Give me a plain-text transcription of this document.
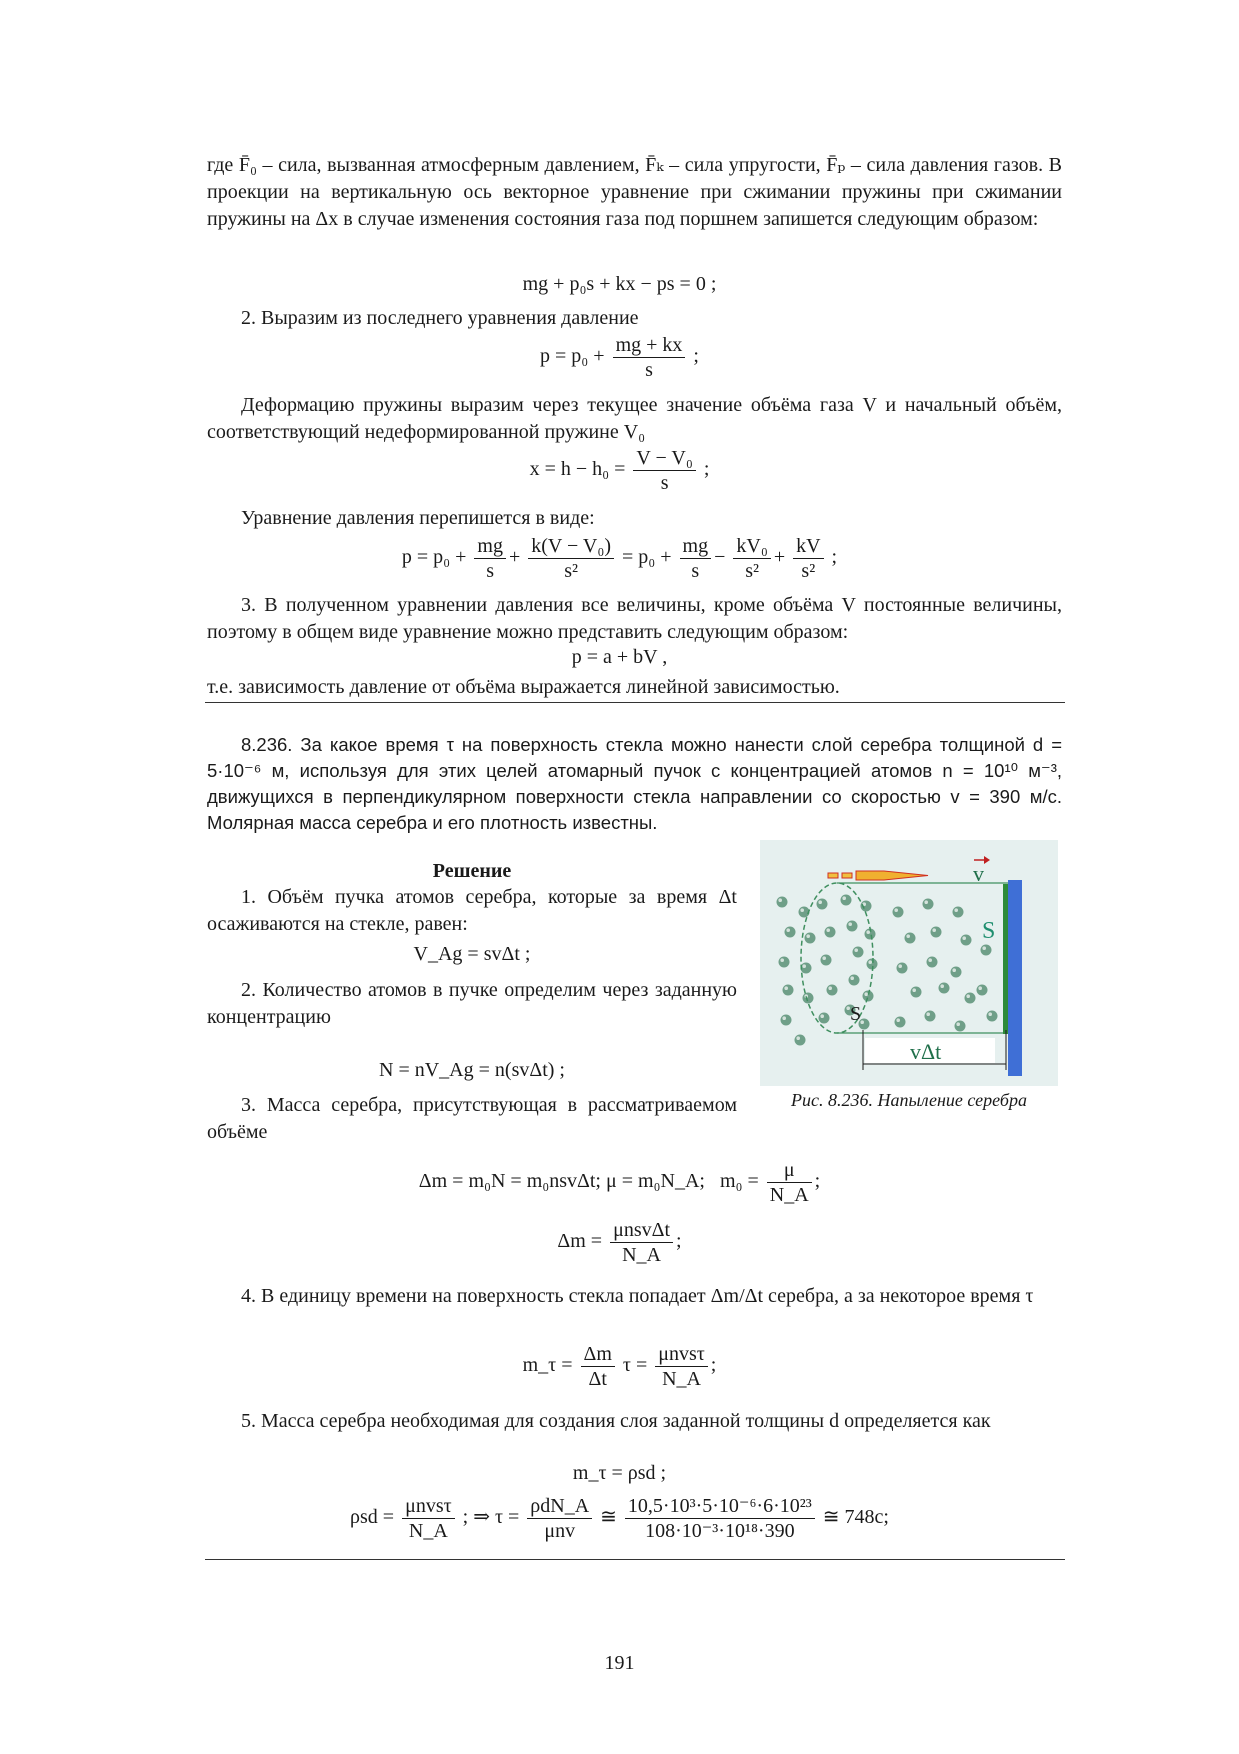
где F̄₀ – сила, вызванная атмосферным давлением, F̄ₖ – сила упругости, F̄ₚ – сила давления газов. В проекции на вертикальную ось векторное уравнение при сжимании пружины при сжимании пружины на Δx в случае изменения состояния газа под поршнем запишется следующим образом:
mg + p₀s + kx − ps = 0 ;
2. Выразим из последнего уравнения давление
$p = p_0 + \frac{mg + kx}{s}$ ;
Деформацию пружины выразим через текущее значение объёма газа V и начальный объём, соответствующий недеформированной пружине V₀
$x = h - h_0 = \frac{\text{V − V₀}}{s}$ ;
Уравнение давления перепишется в виде:
$p = p_0 + \frac{mg}{s} + \frac{\text{k(V − V₀)}}{\text{s²}} = p_0 + \frac{mg}{s} - \frac{\text{kV₀}}{\text{s²}} + \frac{kV}{\text{s²}}$ ;
3. В полученном уравнении давления все величины, кроме объёма V постоянные величины, поэтому в общем виде уравнение можно представить следующим образом:
p = a + bV ,
т.е. зависимость давление от объёма выражается линейной зависимостью.
8.236. За какое время τ на поверхность стекла можно нанести слой серебра толщиной d = 5·10⁻⁶ м, используя для этих целей атомарный пучок с концентрацией атомов n = 10¹⁰ м⁻³, движущихся в перпендикулярном поверхности стекла направлении со скоростью v = 390 м/с. Молярная масса серебра и его плотность известны.
Решение
1. Объём пучка атомов серебра, которые за время Δt осаживаются на стекле, равен:
V_Ag = svΔt ;
2. Количество атомов в пучке определим через заданную концентрацию
N = nV_Ag = n(svΔt) ;
3. Масса серебра, присутствующая в рассматриваемом объёме
v
S
S
vΔt
Рис. 8.236. Напыление серебра
Δm = m₀N = m₀nsvΔt; μ = m₀N_A; $m_0 = \frac{\mu}{N\_A}$ ;
$\Delta m = \frac{\text{μnsvΔt}}{N\_A}$ ;
4. В единицу времени на поверхность стекла попадает Δm/Δt серебра, а за некоторое время τ
m_τ = $\frac{\Delta m}{\Delta t}$ $\tau = \frac{\text{μnvsτ}}{N\_A}$ ;
5. Масса серебра необходимая для создания слоя заданной толщины d определяется как
m_τ = ρsd ;
$\rho sd = \frac{\text{μnvsτ}}{N\_A}$ ; ⇒ $\tau = \frac{\text{ρdN\_A}}{\text{μnv}}$ ≅ $\frac{\text{10,5·10³·5·10⁻⁶·6·10²³}}{\text{108·10⁻³·10¹⁸·390}}$ ≅ 748c;
191
